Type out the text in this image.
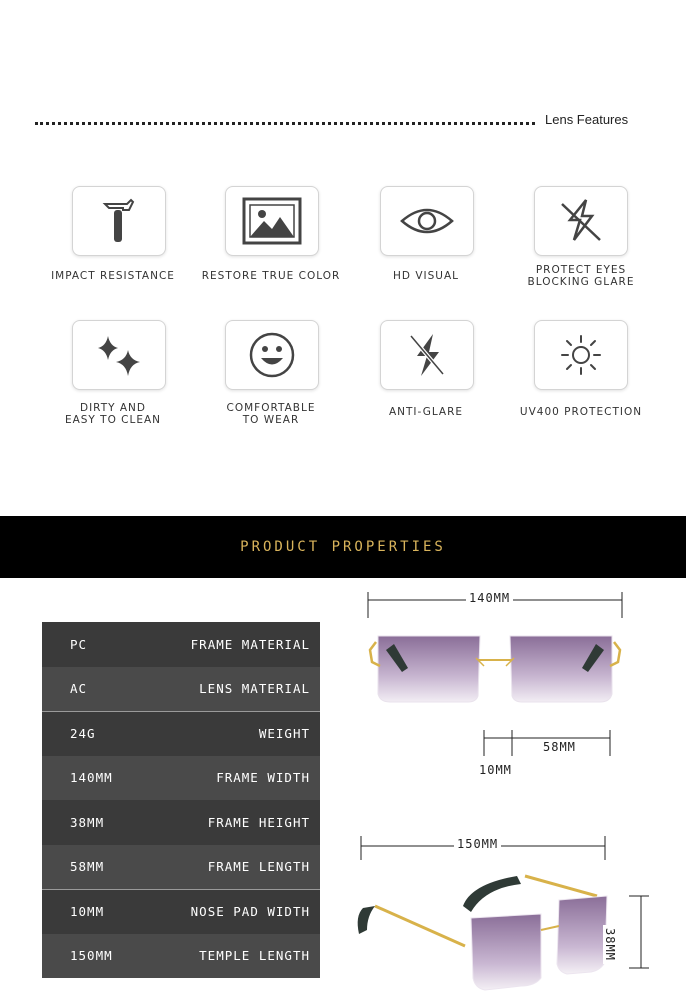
Lens Features
IMPACT RESISTANCE	RESTORE TRUE COLOR	HD VISUAL	PROTECT EYES
BLOCKING GLARE
DIRTY AND
EASY TO CLEAN
COMFORTABLE
TO WEAR
ANTI-GLARE	UV400 PROTECTION
PRODUCT PROPERTIES
PC	FRAME MATERIAL
AC	LENS MATERIAL
24G	WEIGHT
140MM	FRAME WIDTH
38MM	FRAME HEIGHT
58MM	FRAME LENGTH
10MM	NOSE PAD WIDTH
150MM	TEMPLE LENGTH
140MM
58MM
10MM
150MM
38MM
